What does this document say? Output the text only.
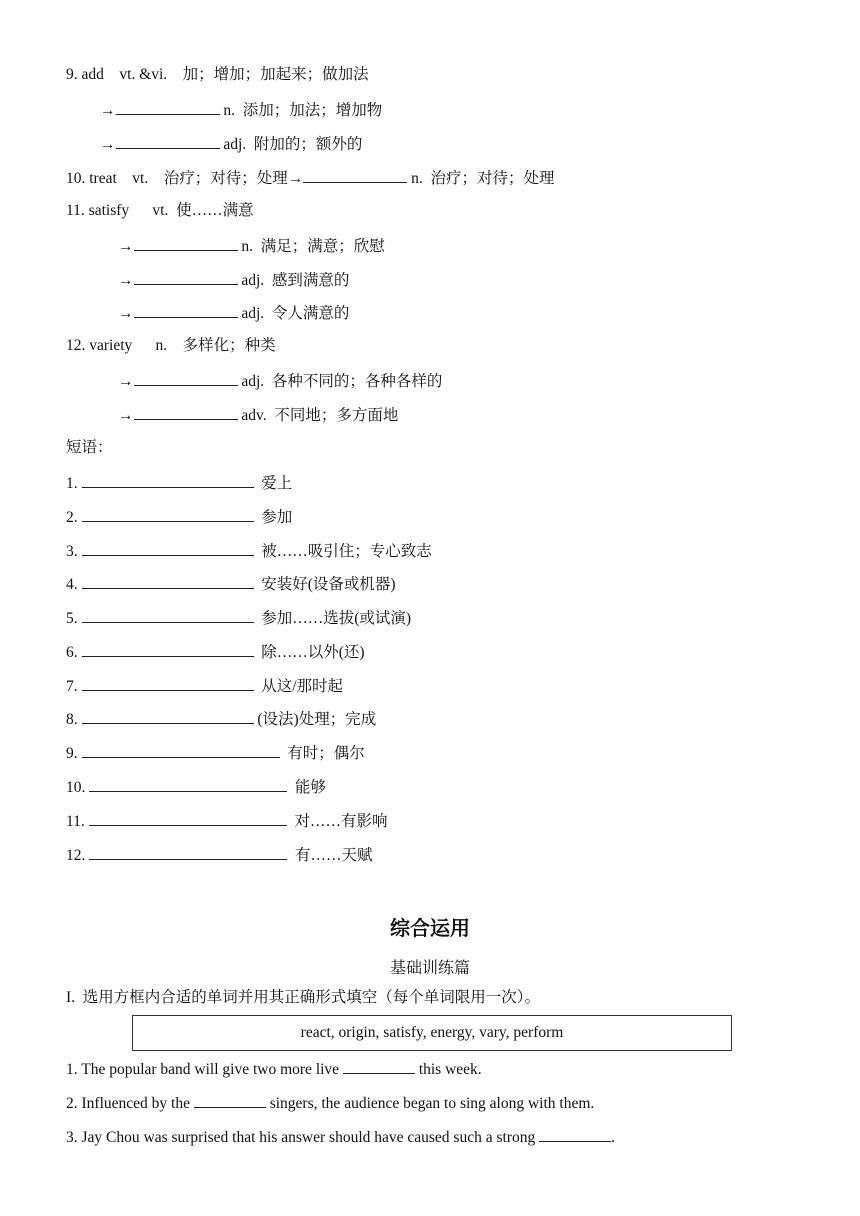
9. add    vt. &vi.    加；增加；加起来；做加法
→	n.  添加；加法；增加物
→	adj.  附加的；额外的
10. treat    vt.    治疗；对待；处理→	n.  治疗；对待；处理
11. satisfy      vt.  使……满意
→	n.  满足；满意；欣慰
→	adj.  感到满意的
→	adj.  令人满意的
12. variety      n.    多样化；种类
→	adj.  各种不同的；各种各样的
→	adv.  不同地；多方面地
短语：
1.	爱上
2.	参加
3.	被……吸引住；专心致志
4.	安装好(设备或机器)
5.	参加……选拔(或试演)
6.	除……以外(还)
7.	从这/那时起
8.	(设法)处理；完成
9.	有时；偶尔
10.	能够
11.	对……有影响
12.	有……天赋
综合运用
基础训练篇
I.  选用方框内合适的单词并用其正确形式填空（每个单词限用一次）。
react, origin, satisfy, energy, vary, perform
1. The popular band will give two more live	this week.
2. Influenced by the	singers, the audience began to sing along with them.
3. Jay Chou was surprised that his answer should have caused such a strong	.
